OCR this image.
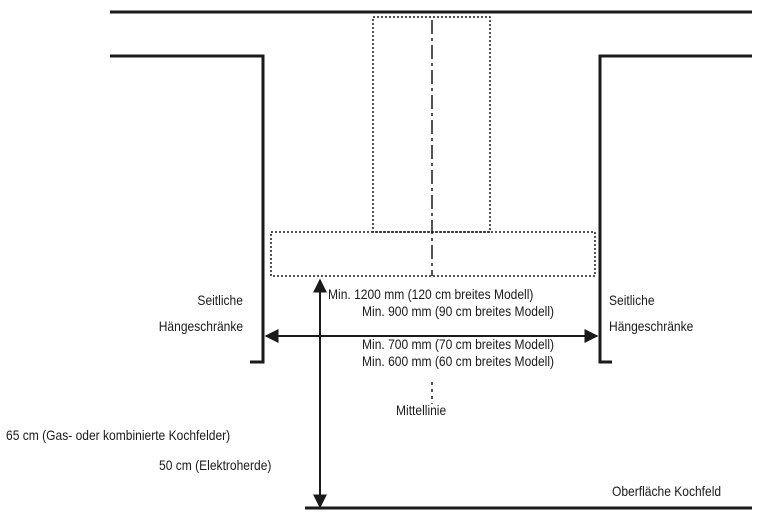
Seitliche
Hängeschränke
Seitliche
Hängeschränke
Min. 1200 mm (120 cm breites Modell)
Min. 900 mm (90 cm breites Modell)
Min. 700 mm (70 cm breites Modell)
Min. 600 mm (60 cm breites Modell)
Mittellinie
65 cm (Gas- oder kombinierte Kochfelder)
50 cm (Elektroherde)
Oberfläche Kochfeld
